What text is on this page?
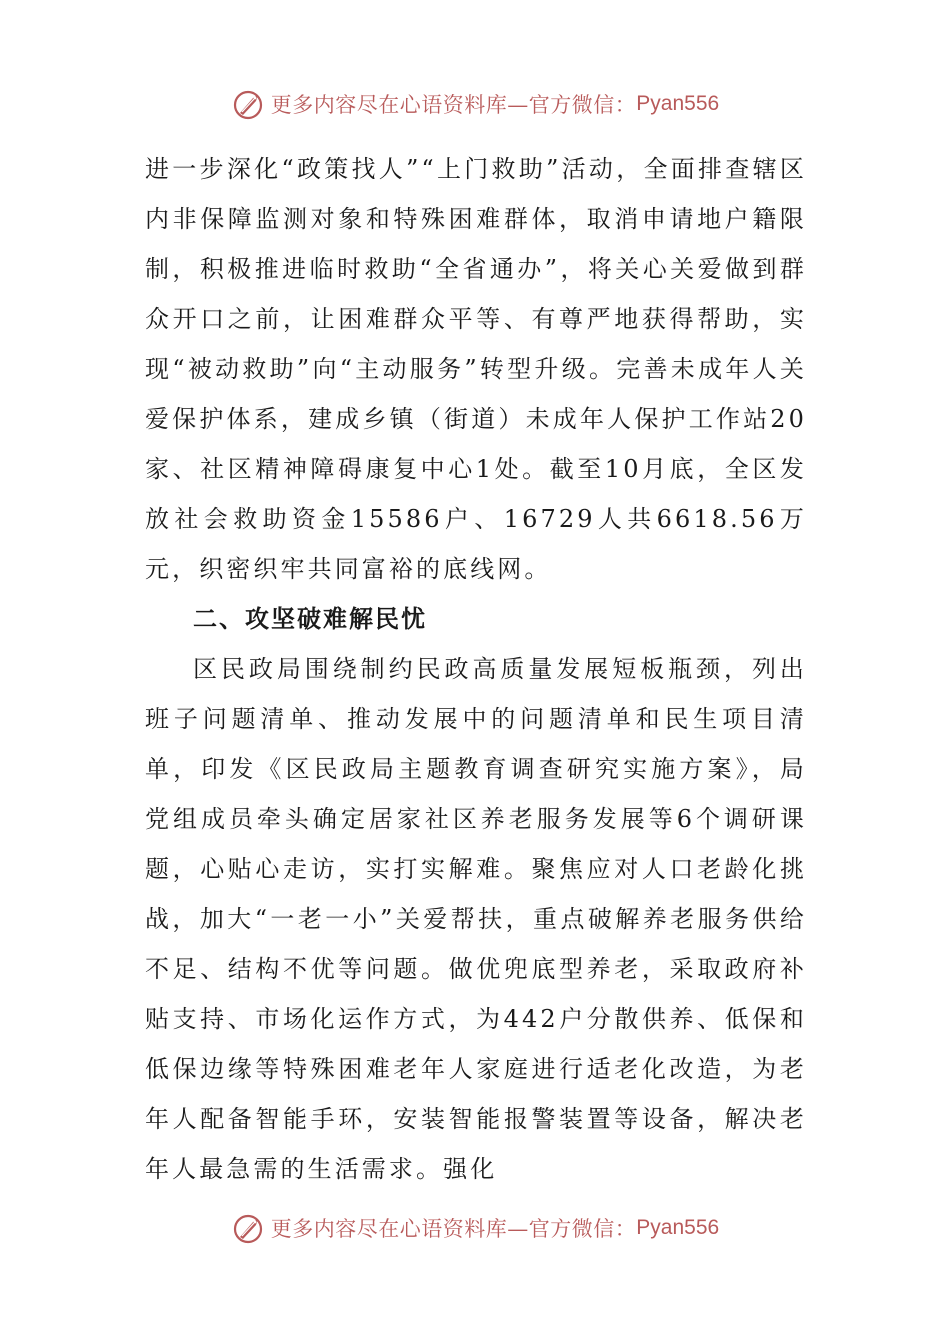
更多内容尽在心语资料库—官方微信： Pyan556

进一步深化“政策找人”“上门救助”活动，全面排查辖区内非保障监测对象和特殊困难群体，取消申请地户籍限制，积极推进临时救助“全省通办”，将关心关爱做到群众开口之前，让困难群众平等、有尊严地获得帮助，实现“被动救助”向“主动服务”转型升级。完善未成年人关爱保护体系，建成乡镇（街道）未成年人保护工作站20家、社区精神障碍康复中心1处。截至10月底，全区发放社会救助资金15586户、16729人共6618.56万元，织密织牢共同富裕的底线网。

二、攻坚破难解民忧

区民政局围绕制约民政高质量发展短板瓶颈，列出班子问题清单、推动发展中的问题清单和民生项目清单，印发《区民政局主题教育调查研究实施方案》，局党组成员牵头确定居家社区养老服务发展等6个调研课题，心贴心走访，实打实解难。聚焦应对人口老龄化挑战，加大“一老一小”关爱帮扶，重点破解养老服务供给不足、结构不优等问题。做优兜底型养老，采取政府补贴支持、市场化运作方式，为442户分散供养、低保和低保边缘等特殊困难老年人家庭进行适老化改造，为老年人配备智能手环，安装智能报警装置等设备，解决老年人最急需的生活需求。强化

更多内容尽在心语资料库—官方微信： Pyan556
